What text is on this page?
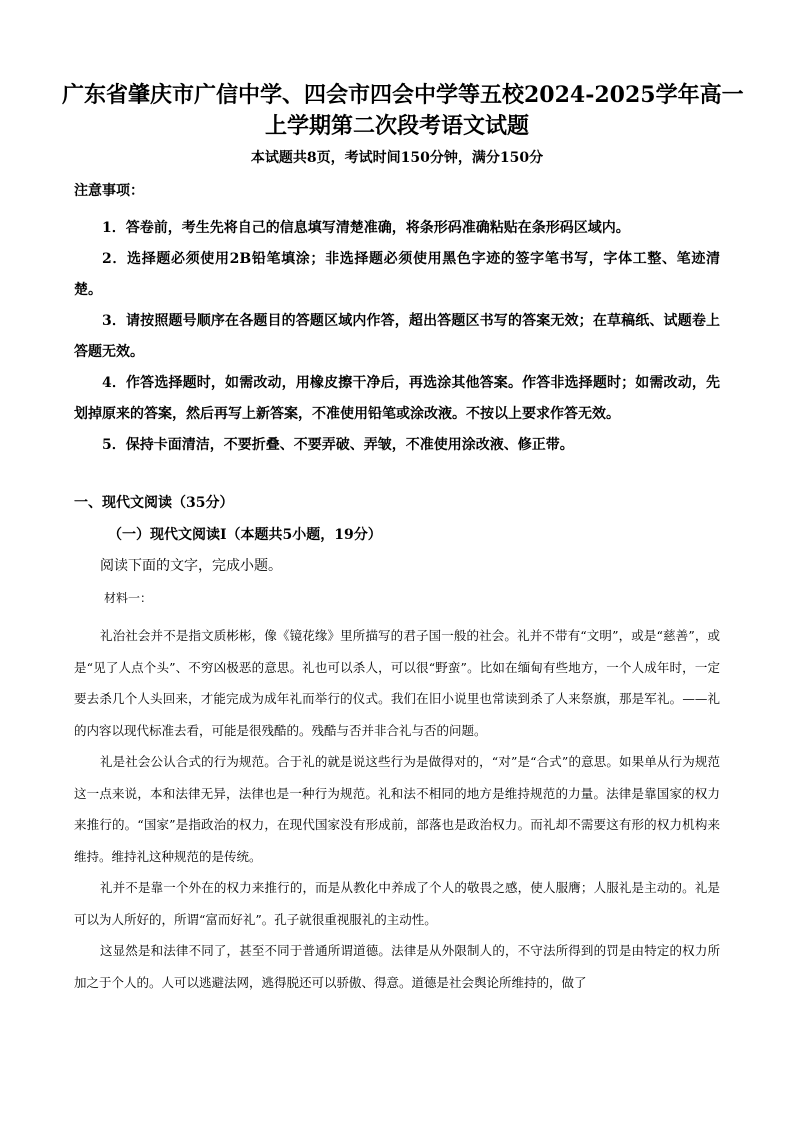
广东省肇庆市广信中学、四会市四会中学等五校2024-2025学年高一
上学期第二次段考语文试题
本试题共8页，考试时间150分钟，满分150分
注意事项：
1．答卷前，考生先将自己的信息填写清楚准确，将条形码准确粘贴在条形码区域内。
2．选择题必须使用2B铅笔填涂；非选择题必须使用黑色字迹的签字笔书写，字体工整、笔迹清楚。
3．请按照题号顺序在各题目的答题区域内作答，超出答题区书写的答案无效；在草稿纸、试题卷上答题无效。
4．作答选择题时，如需改动，用橡皮擦干净后，再选涂其他答案。作答非选择题时；如需改动，先划掉原来的答案，然后再写上新答案，不准使用铅笔或涂改液。不按以上要求作答无效。
5．保持卡面清洁，不要折叠、不要弄破、弄皱，不准使用涂改液、修正带。
一、现代文阅读（35分）
（一）现代文阅读Ⅰ（本题共5小题，19分）
阅读下面的文字，完成小题。
材料一：

礼治社会并不是指文质彬彬，像《镜花缘》里所描写的君子国一般的社会。礼并不带有“文明”，或是“慈善”，或是“见了人点个头”、不穷凶极恶的意思。礼也可以杀人，可以很“野蛮”。比如在缅甸有些地方，一个人成年时，一定要去杀几个人头回来，才能完成为成年礼而举行的仪式。我们在旧小说里也常读到杀了人来祭旗，那是军礼。——礼的内容以现代标准去看，可能是很残酷的。残酷与否并非合礼与否的问题。

礼是社会公认合式的行为规范。合于礼的就是说这些行为是做得对的，“对”是“合式”的意思。如果单从行为规范这一点来说，本和法律无异，法律也是一种行为规范。礼和法不相同的地方是维持规范的力量。法律是靠国家的权力来推行的。“国家”是指政治的权力，在现代国家没有形成前，部落也是政治权力。而礼却不需要这有形的权力机构来维持。维持礼这种规范的是传统。

礼并不是靠一个外在的权力来推行的，而是从教化中养成了个人的敬畏之感，使人服膺；人服礼是主动的。礼是可以为人所好的，所谓“富而好礼”。孔子就很重视服礼的主动性。

这显然是和法律不同了，甚至不同于普通所谓道德。法律是从外限制人的，不守法所得到的罚是由特定的权力所加之于个人的。人可以逃避法网，逃得脱还可以骄傲、得意。道德是社会舆论所维持的，做了
